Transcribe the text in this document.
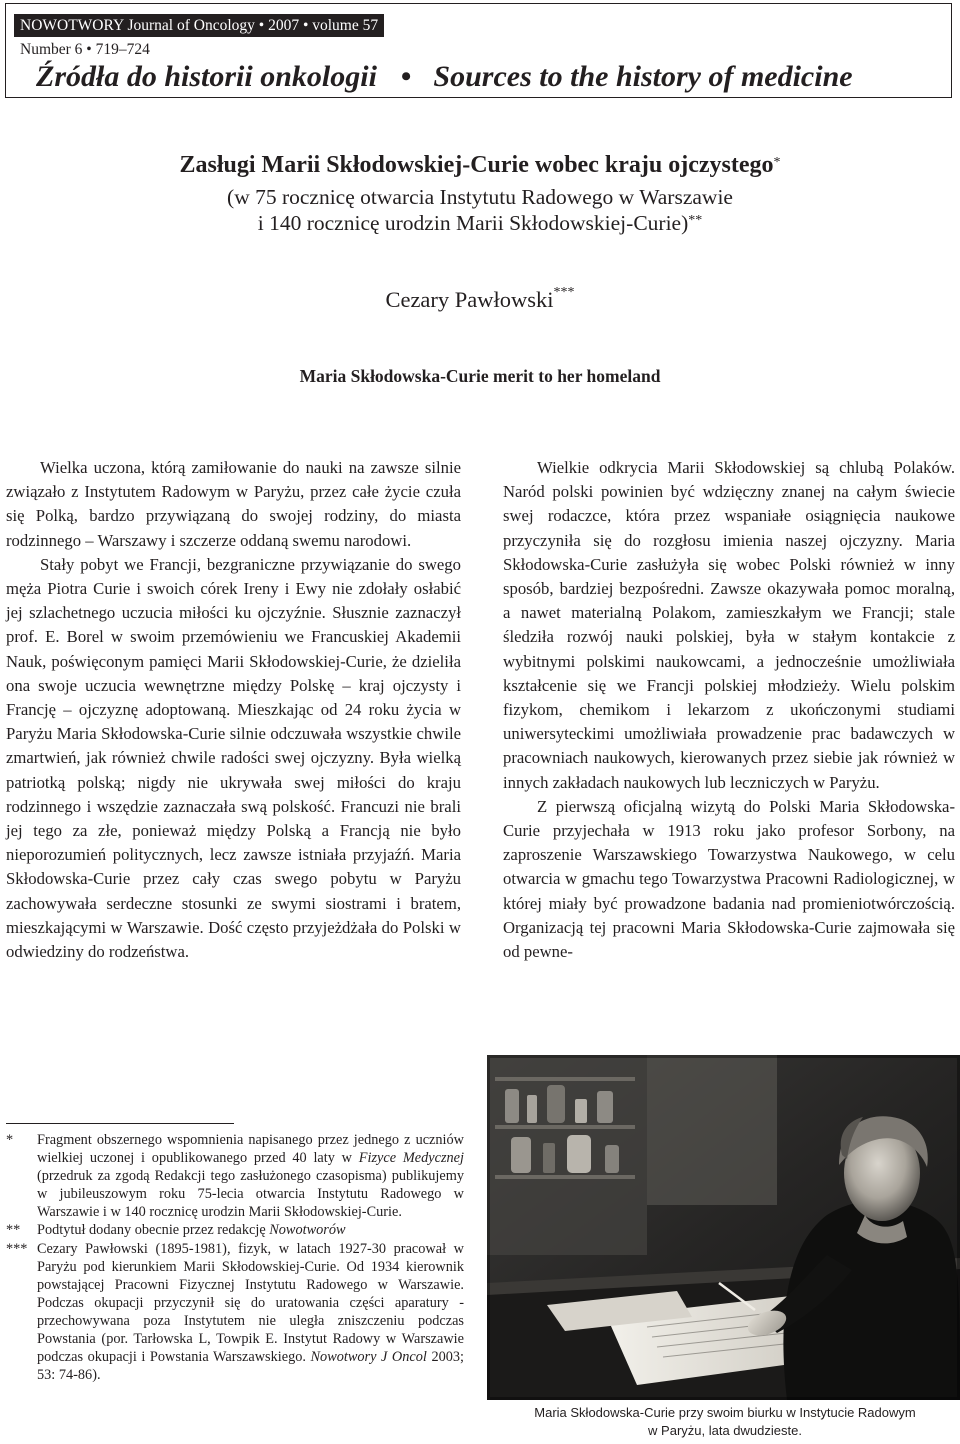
NOWOTWORY Journal of Oncology • 2007 • volume 57
Number 6 • 719–724
Źródła do historii onkologii • Sources to the history of medicine
Zasługi Marii Skłodowskiej-Curie wobec kraju ojczystego*
(w 75 rocznicę otwarcia Instytutu Radowego w Warszawie
i 140 rocznicę urodzin Marii Skłodowskiej-Curie)**
Cezary Pawłowski***
Maria Skłodowska-Curie merit to her homeland

Wielka uczona, którą zamiłowanie do nauki na zawsze silnie związało z Instytutem Radowym w Paryżu, przez całe życie czuła się Polką, bardzo przywiązaną do swojej rodziny, do miasta rodzinnego – Warszawy i szczerze oddaną swemu narodowi.

Stały pobyt we Francji, bezgraniczne przywiązanie do swego męża Piotra Curie i swoich córek Ireny i Ewy nie zdołały osłabić jej szlachetnego uczucia miłości ku ojczyźnie. Słusznie zaznaczył prof. E. Borel w swoim przemówieniu we Francuskiej Akademii Nauk, poświęconym pamięci Marii Skłodowskiej-Curie, że dzieliła ona swoje uczucia wewnętrzne między Polskę – kraj ojczysty i Francję – ojczyznę adoptowaną. Mieszkając od 24 roku życia w Paryżu Maria Skłodowska-Curie silnie odczuwała wszystkie chwile zmartwień, jak również chwile radości swej ojczyzny. Była wielką patriotką polską; nigdy nie ukrywała swej miłości do kraju rodzinnego i wszędzie zaznaczała swą polskość. Francuzi nie brali jej tego za złe, ponieważ między Polską a Francją nie było nieporozumień politycznych, lecz zawsze istniała przyjaźń. Maria Skłodowska-Curie przez cały czas swego pobytu w Paryżu zachowywała serdeczne stosunki ze swymi siostrami i bratem, mieszkającymi w Warszawie. Dość często przyjeżdżała do Polski w odwiedziny do rodzeństwa.

Wielkie odkrycia Marii Skłodowskiej są chlubą Polaków. Naród polski powinien być wdzięczny znanej na całym świecie swej rodaczce, która przez wspaniałe osiągnięcia naukowe przyczyniła się do rozgłosu imienia naszej ojczyzny. Maria Skłodowska-Curie zasłużyła się wobec Polski również w inny sposób, bardziej bezpośredni. Zawsze okazywała pomoc moralną, a nawet materialną Polakom, zamieszkałym we Francji; stale śledziła rozwój nauki polskiej, była w stałym kontakcie z wybitnymi polskimi naukowcami, a jednocześnie umożliwiała kształcenie się we Francji polskiej młodzieży. Wielu polskim fizykom, chemikom i lekarzom z ukończonymi studiami uniwersyteckimi umożliwiała prowadzenie prac badawczych w pracowniach naukowych, kierowanych przez siebie jak również w innych zakładach naukowych lub leczniczych w Paryżu.

Z pierwszą oficjalną wizytą do Polski Maria Skłodowska-Curie przyjechała w 1913 roku jako profesor Sorbony, na zaproszenie Warszawskiego Towarzystwa Naukowego, w celu otwarcia w gmachu tego Towarzystwa Pracowni Radiologicznej, w której miały być prowadzone badania nad promieniotwórczością. Organizacją tej pracowni Maria Skłodowska-Curie zajmowała się od pewne-

* Fragment obszernego wspomnienia napisanego przez jednego z uczniów wielkiej uczonej i opublikowanego przed 40 laty w Fizyce Medycznej (przedruk za zgodą Redakcji tego zasłużonego czasopisma) publikujemy w jubileuszowym roku 75-lecia otwarcia Instytutu Radowego w Warszawie i w 140 rocznicę urodzin Marii Skłodowskiej-Curie.

** Podtytuł dodany obecnie przez redakcję Nowotworów

*** Cezary Pawłowski (1895-1981), fizyk, w latach 1927-30 pracował w Paryżu pod kierunkiem Marii Skłodowskiej-Curie. Od 1934 kierownik powstającej Pracowni Fizycznej Instytutu Radowego w Warszawie. Podczas okupacji przyczynił się do uratowania części aparatury - przechowywana poza Instytutem nie uległa zniszczeniu podczas Powstania (por. Tarłowska L, Towpik E. Instytut Radowy w Warszawie podczas okupacji i Powstania Warszawskiego. Nowotwory J Oncol 2003; 53: 74-86).

Maria Skłodowska-Curie przy swoim biurku w Instytucie Radowym
w Paryżu, lata dwudzieste.
